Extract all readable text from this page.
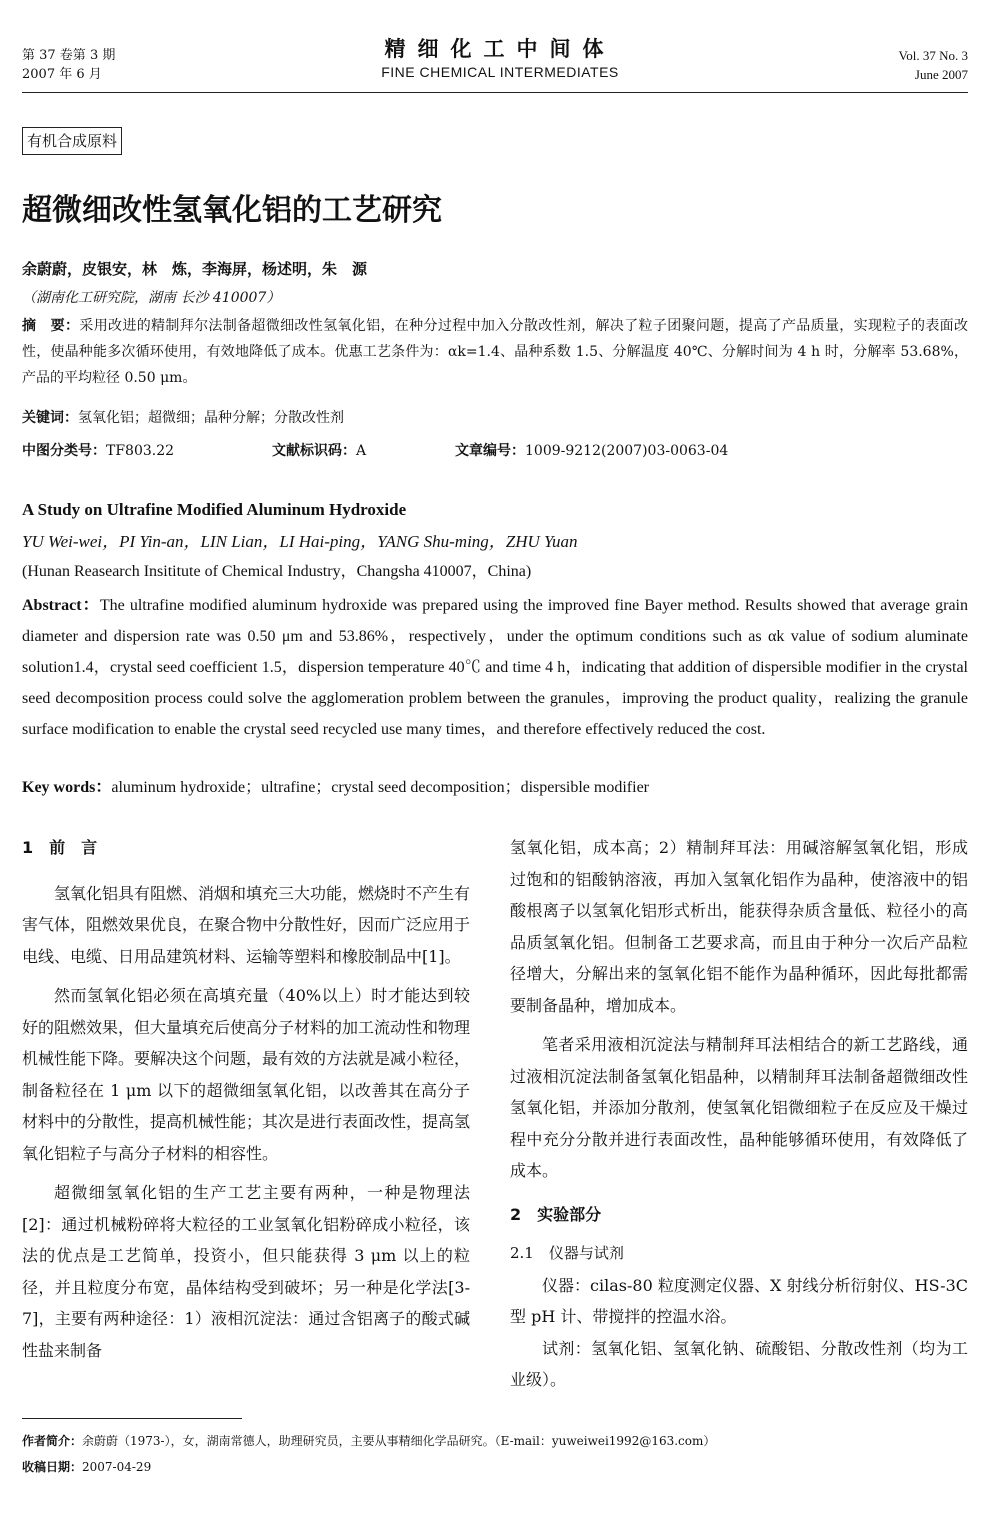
第 37 卷第 3 期
2007 年 6 月
精细化工中间体
FINE CHEMICAL INTERMEDIATES
Vol. 37 No. 3
June 2007
有机合成原料
超微细改性氢氧化铝的工艺研究
余蔚蔚，皮银安，林　炼，李海屏，杨述明，朱　源
（湖南化工研究院，湖南 长沙 410007）
摘　要：采用改进的精制拜尔法制备超微细改性氢氧化铝，在种分过程中加入分散改性剂，解决了粒子团聚问题，提高了产品质量，实现粒子的表面改性，使晶种能多次循环使用，有效地降低了成本。优惠工艺条件为：αk=1.4、晶种系数 1.5、分解温度 40℃、分解时间为 4 h 时，分解率 53.68%，产品的平均粒径 0.50 μm。
关键词：氢氧化铝；超微细；晶种分解；分散改性剂
中图分类号：TF803.22	文献标识码：A	文章编号：1009-9212(2007)03-0063-04
A Study on Ultrafine Modified Aluminum Hydroxide
YU Wei-wei，PI Yin-an，LIN Lian，LI Hai-ping，YANG Shu-ming，ZHU Yuan
(Hunan Reasearch Insititute of Chemical Industry，Changsha 410007，China)
Abstract：The ultrafine modified aluminum hydroxide was prepared using the improved fine Bayer method. Results showed that average grain diameter and dispersion rate was 0.50 μm and 53.86%，respectively，under the optimum conditions such as αk value of sodium aluminate solution1.4，crystal seed coefficient 1.5，dispersion temperature 40℃ and time 4 h，indicating that addition of dispersible modifier in the crystal seed decomposition process could solve the agglomeration problem between the granules，improving the product quality，realizing the granule surface modification to enable the crystal seed recycled use many times，and therefore effectively reduced the cost.
Key words：aluminum hydroxide；ultrafine；crystal seed decomposition；dispersible modifier

1　前　言

氢氧化铝具有阻燃、消烟和填充三大功能，燃烧时不产生有害气体，阻燃效果优良，在聚合物中分散性好，因而广泛应用于电线、电缆、日用品建筑材料、运输等塑料和橡胶制品中[1]。

然而氢氧化铝必须在高填充量（40%以上）时才能达到较好的阻燃效果，但大量填充后使高分子材料的加工流动性和物理机械性能下降。要解决这个问题，最有效的方法就是减小粒径，制备粒径在 1 μm 以下的超微细氢氧化铝，以改善其在高分子材料中的分散性，提高机械性能；其次是进行表面改性，提高氢氧化铝粒子与高分子材料的相容性。

超微细氢氧化铝的生产工艺主要有两种，一种是物理法[2]：通过机械粉碎将大粒径的工业氢氧化铝粉碎成小粒径，该法的优点是工艺简单，投资小，但只能获得 3 μm 以上的粒径，并且粒度分布宽，晶体结构受到破坏；另一种是化学法[3-7]，主要有两种途径：1）液相沉淀法：通过含铝离子的酸式碱性盐来制备

氢氧化铝，成本高；2）精制拜耳法：用碱溶解氢氧化铝，形成过饱和的铝酸钠溶液，再加入氢氧化铝作为晶种，使溶液中的铝酸根离子以氢氧化铝形式析出，能获得杂质含量低、粒径小的高品质氢氧化铝。但制备工艺要求高，而且由于种分一次后产品粒径增大，分解出来的氢氧化铝不能作为晶种循环，因此每批都需要制备晶种，增加成本。

笔者采用液相沉淀法与精制拜耳法相结合的新工艺路线，通过液相沉淀法制备氢氧化铝晶种，以精制拜耳法制备超微细改性氢氧化铝，并添加分散剂，使氢氧化铝微细粒子在反应及干燥过程中充分分散并进行表面改性，晶种能够循环使用，有效降低了成本。

2　实验部分

2.1　仪器与试剂

仪器：cilas-80 粒度测定仪器、X 射线分析衍射仪、HS-3C 型 pH 计、带搅拌的控温水浴。

试剂：氢氧化铝、氢氧化钠、硫酸铝、分散改性剂（均为工业级）。

作者简介：余蔚蔚（1973-），女，湖南常德人，助理研究员，主要从事精细化学品研究。（E-mail：yuweiwei1992@163.com）
收稿日期：2007-04-29
